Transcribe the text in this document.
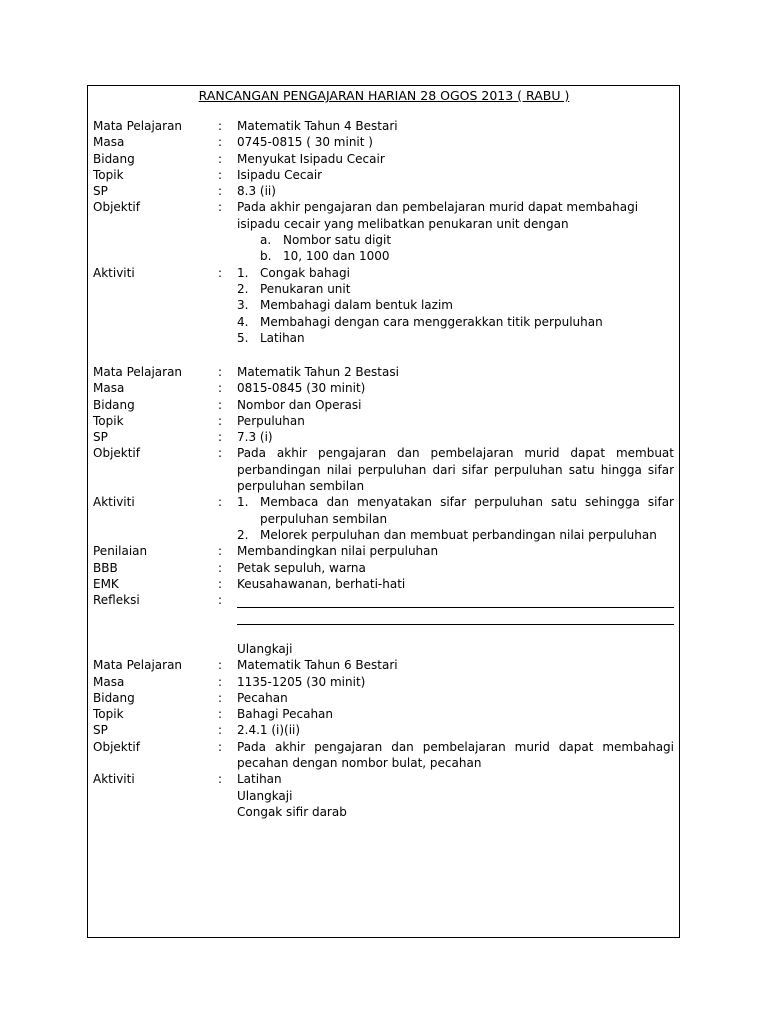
RANCANGAN PENGAJARAN HARIAN 28 OGOS 2013 ( RABU )
Mata Pelajaran	: Matematik Tahun 4 Bestari
Masa	: 0745-0815 ( 30 minit )
Bidang	: Menyukat Isipadu Cecair
Topik	: Isipadu Cecair
SP	: 8.3 (ii)
Objektif	: Pada akhir pengajaran dan pembelajaran murid dapat membahagi isipadu cecair yang melibatkan penukaran unit dengan
a. Nombor satu digit
b. 10, 100 dan 1000
Aktiviti	: 1. Congak bahagi
2. Penukaran unit
3. Membahagi dalam bentuk lazim
4. Membahagi dengan cara menggerakkan titik perpuluhan
5. Latihan
Mata Pelajaran	: Matematik Tahun 2 Bestasi
Masa	: 0815-0845 (30 minit)
Bidang	: Nombor dan Operasi
Topik	: Perpuluhan
SP	: 7.3 (i)
Objektif	: Pada akhir pengajaran dan pembelajaran murid dapat membuat perbandingan nilai perpuluhan dari sifar perpuluhan satu hingga sifar perpuluhan sembilan
Aktiviti	: 1. Membaca dan menyatakan sifar perpuluhan satu sehingga sifar perpuluhan sembilan
2. Melorek perpuluhan dan membuat perbandingan nilai perpuluhan
Penilaian	: Membandingkan nilai perpuluhan
BBB	: Petak sepuluh, warna
EMK	: Keusahawanan, berhati-hati
Refleksi	:
Ulangkaji
Mata Pelajaran	: Matematik Tahun 6 Bestari
Masa	: 1135-1205 (30 minit)
Bidang	: Pecahan
Topik	: Bahagi Pecahan
SP	: 2.4.1 (i)(ii)
Objektif	: Pada akhir pengajaran dan pembelajaran murid dapat membahagi pecahan dengan nombor bulat, pecahan
Aktiviti	: Latihan
Ulangkaji
Congak sifir darab
